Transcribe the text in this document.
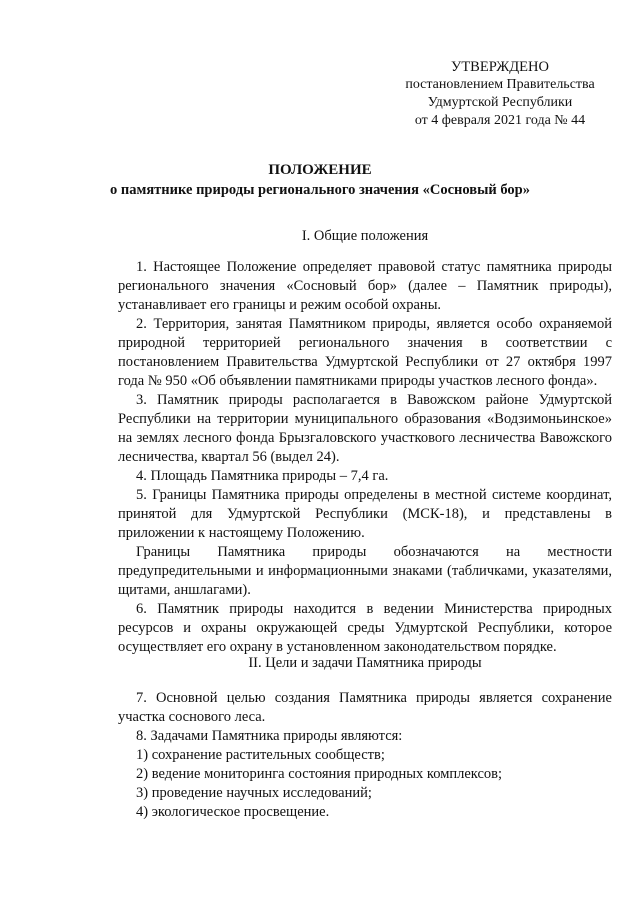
УТВЕРЖДЕНО
постановлением Правительства
Удмуртской Республики
от 4 февраля 2021 года № 44
ПОЛОЖЕНИЕ
о памятнике природы регионального значения «Сосновый бор»
I. Общие положения

1. Настоящее Положение определяет правовой статус памятника природы регионального значения «Сосновый бор» (далее – Памятник природы), устанавливает его границы и режим особой охраны.

2. Территория, занятая Памятником природы, является особо охраняемой природной территорией регионального значения в соответствии с постановлением Правительства Удмуртской Республики от 27 октября 1997 года № 950 «Об объявлении памятниками природы участков лесного фонда».

3. Памятник природы располагается в Вавожском районе Удмуртской Республики на территории муниципального образования «Водзимоньинское» на землях лесного фонда Брызгаловского участкового лесничества Вавожского лесничества, квартал 56 (выдел 24).

4. Площадь Памятника природы – 7,4 га.

5. Границы Памятника природы определены в местной системе координат, принятой для Удмуртской Республики (МСК-18), и представлены в приложении к настоящему Положению.

Границы Памятника природы обозначаются на местности предупредительными и информационными знаками (табличками, указателями, щитами, аншлагами).

6. Памятник природы находится в ведении Министерства природных ресурсов и охраны окружающей среды Удмуртской Республики, которое осуществляет его охрану в установленном законодательством порядке.

II. Цели и задачи Памятника природы

7. Основной целью создания Памятника природы является сохранение участка соснового леса.

8. Задачами Памятника природы являются:

1) сохранение растительных сообществ;
2) ведение мониторинга состояния природных комплексов;
3) проведение научных исследований;
4) экологическое просвещение.
